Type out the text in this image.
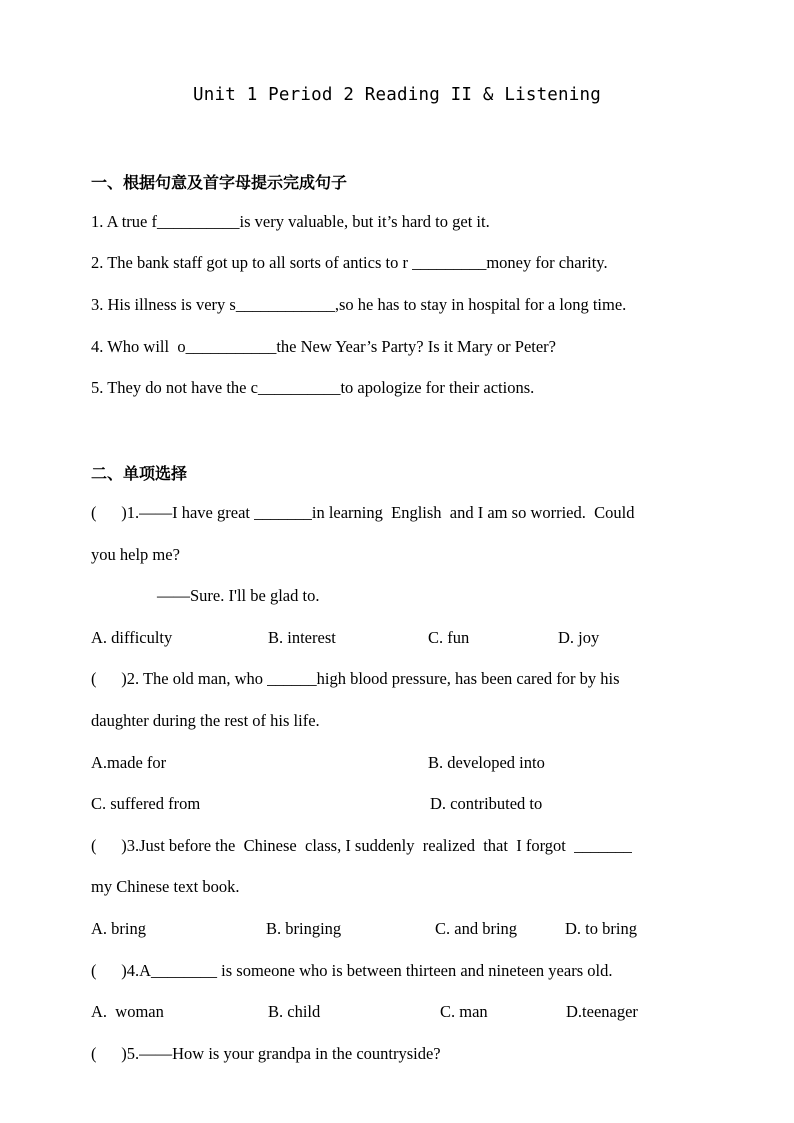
Unit 1 Period 2 Reading II & Listening
一、根据句意及首字母提示完成句子
1. A true f__________is very valuable, but it’s hard to get it.
2. The bank staff got up to all sorts of antics to r _________money for charity.
3. His illness is very s____________,so he has to stay in hospital for a long time.
4. Who will  o___________the New Year’s Party? Is it Mary or Peter?
5. They do not have the c__________to apologize for their actions.
二、单项选择
(      )1.——I have great _______in learning  English  and I am so worried.  Could
you help me?
——Sure. I'll be glad to.
A. difficulty	B. interest	C. fun	D. joy
(      )2. The old man, who ______high blood pressure, has been cared for by his
daughter during the rest of his life.
A.made for	B. developed into
C. suffered from	D. contributed to
(      )3.Just before the  Chinese  class, I suddenly  realized  that  I forgot  _______
my Chinese text book.
A. bring	B. bringing	C. and bring	D. to bring
(      )4.A________ is someone who is between thirteen and nineteen years old.
A.  woman	B. child	C. man	D.teenager
(      )5.——How is your grandpa in the countryside?
